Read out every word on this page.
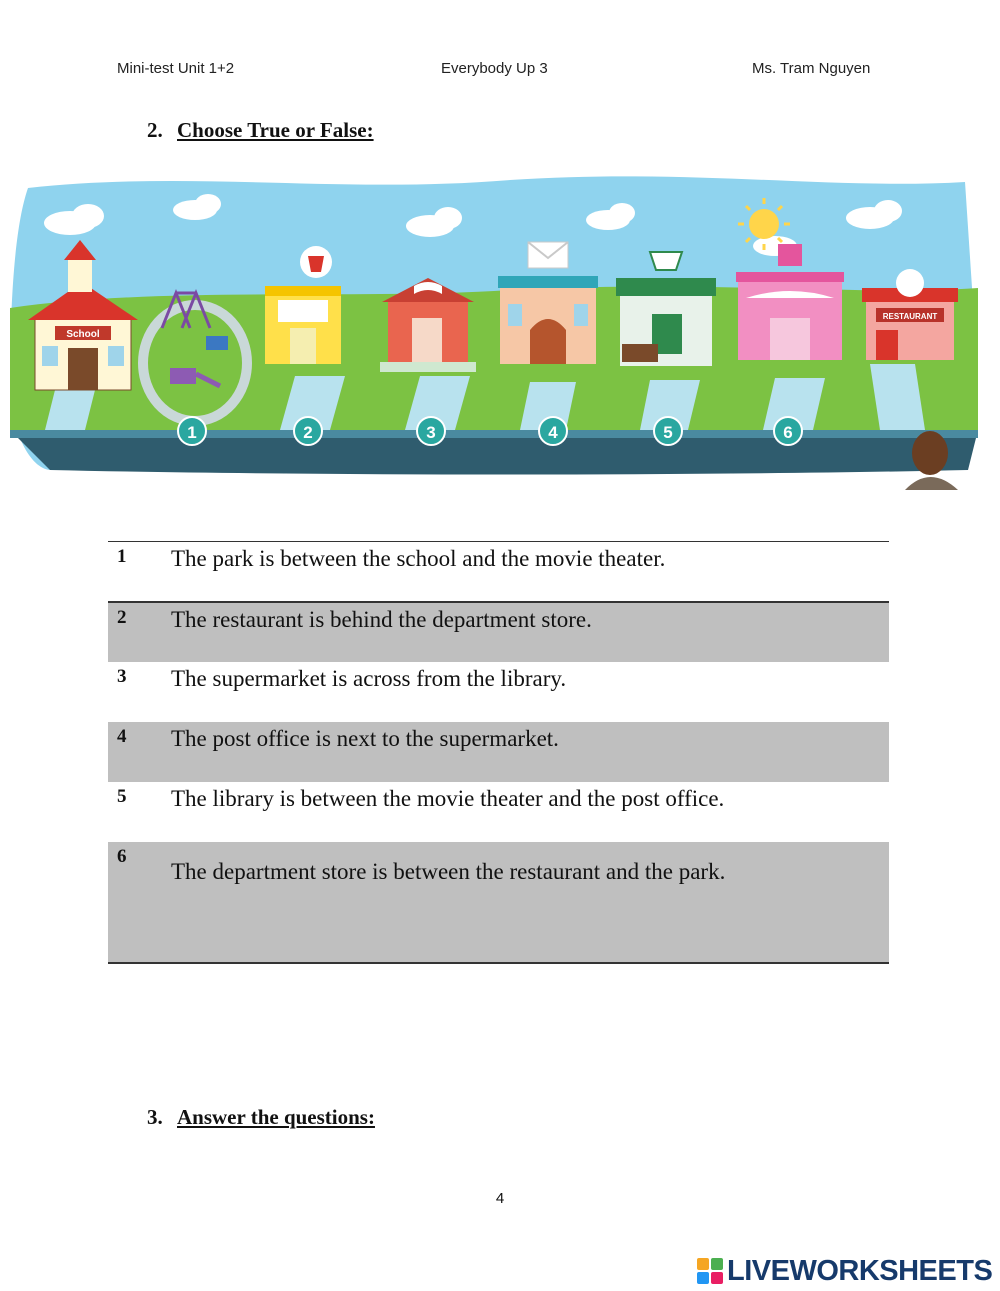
Mini-test Unit 1+2	Everybody Up 3	Ms. Tram Nguyen
2. Choose True or False:
School
RESTAURANT
1	2	3	4	5	6
1	The park is between the school and the movie theater.
2	The restaurant is behind the department store.
3	The supermarket is across from the library.
4	The post office is next to the supermarket.
5	The library is between the movie theater and the post office.
6	The department store is between the restaurant and the park.
3. Answer the questions:
4
LIVEWORKSHEETS
